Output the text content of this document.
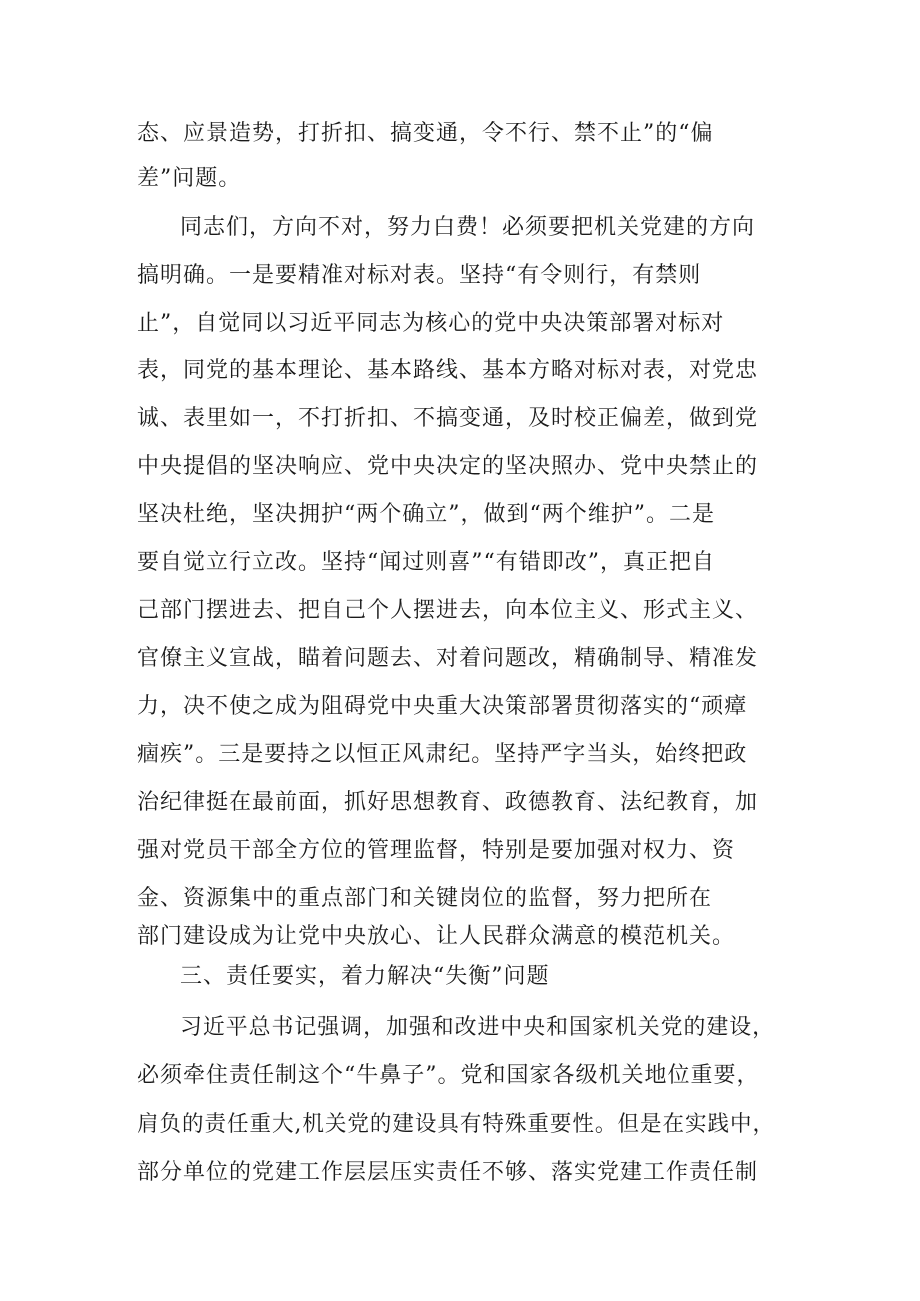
态、应景造势，打折扣、搞变通，令不行、禁不止”的“偏
差”问题。
同志们，方向不对，努力白费！必须要把机关党建的方向
搞明确。一是要精准对标对表。坚持“有令则行，有禁则
止”，自觉同以习近平同志为核心的党中央决策部署对标对
表，同党的基本理论、基本路线、基本方略对标对表，对党忠
诚、表里如一，不打折扣、不搞变通，及时校正偏差，做到党
中央提倡的坚决响应、党中央决定的坚决照办、党中央禁止的
坚决杜绝，坚决拥护“两个确立”，做到“两个维护”。二是
要自觉立行立改。坚持“闻过则喜”“有错即改”，真正把自
己部门摆进去、把自己个人摆进去，向本位主义、形式主义、
官僚主义宣战，瞄着问题去、对着问题改，精确制导、精准发
力，决不使之成为阻碍党中央重大决策部署贯彻落实的“顽瘴
痼疾”。三是要持之以恒正风肃纪。坚持严字当头，始终把政
治纪律挺在最前面，抓好思想教育、政德教育、法纪教育，加
强对党员干部全方位的管理监督，特别是要加强对权力、资
金、资源集中的重点部门和关键岗位的监督，努力把所在
部门建设成为让党中央放心、让人民群众满意的模范机关。
三、责任要实，着力解决“失衡”问题
习近平总书记强调，加强和改进中央和国家机关党的建设，
必须牵住责任制这个“牛鼻子”。党和国家各级机关地位重要，
肩负的责任重大,机关党的建设具有特殊重要性。但是在实践中，
部分单位的党建工作层层压实责任不够、落实党建工作责任制
